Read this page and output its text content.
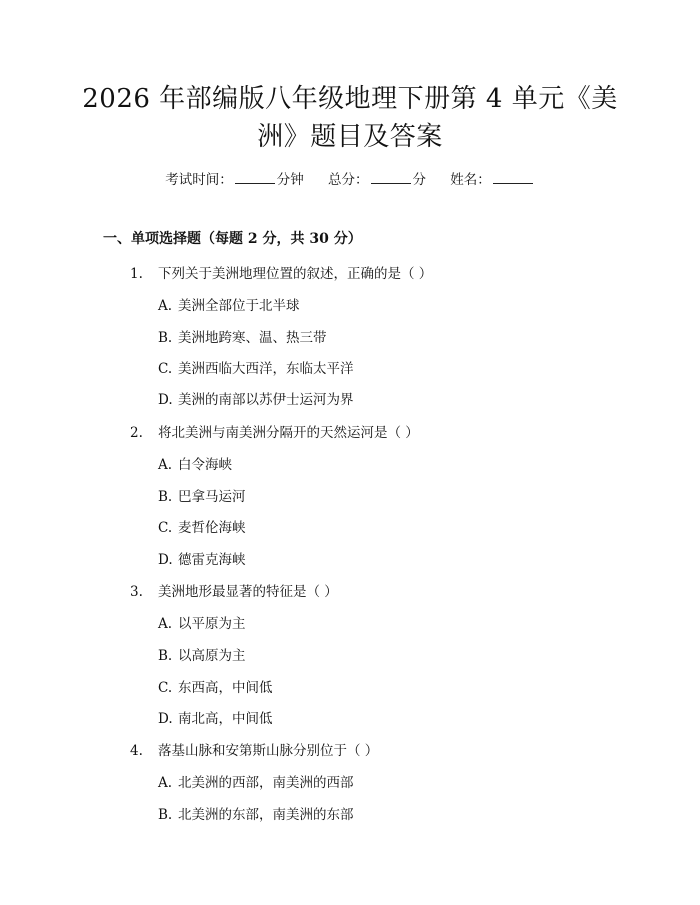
2026 年部编版八年级地理下册第 4 单元《美
洲》题目及答案
考试时间：	分钟 总分：	分 姓名：
一、单项选择题（每题 2 分，共 30 分）
1. 下列关于美洲地理位置的叙述，正确的是（ ）
A. 美洲全部位于北半球
B. 美洲地跨寒、温、热三带
C. 美洲西临大西洋，东临太平洋
D. 美洲的南部以苏伊士运河为界
2. 将北美洲与南美洲分隔开的天然运河是（ ）
A. 白令海峡
B. 巴拿马运河
C. 麦哲伦海峡
D. 德雷克海峡
3. 美洲地形最显著的特征是（ ）
A. 以平原为主
B. 以高原为主
C. 东西高，中间低
D. 南北高，中间低
4. 落基山脉和安第斯山脉分别位于（ ）
A. 北美洲的西部，南美洲的西部
B. 北美洲的东部，南美洲的东部
